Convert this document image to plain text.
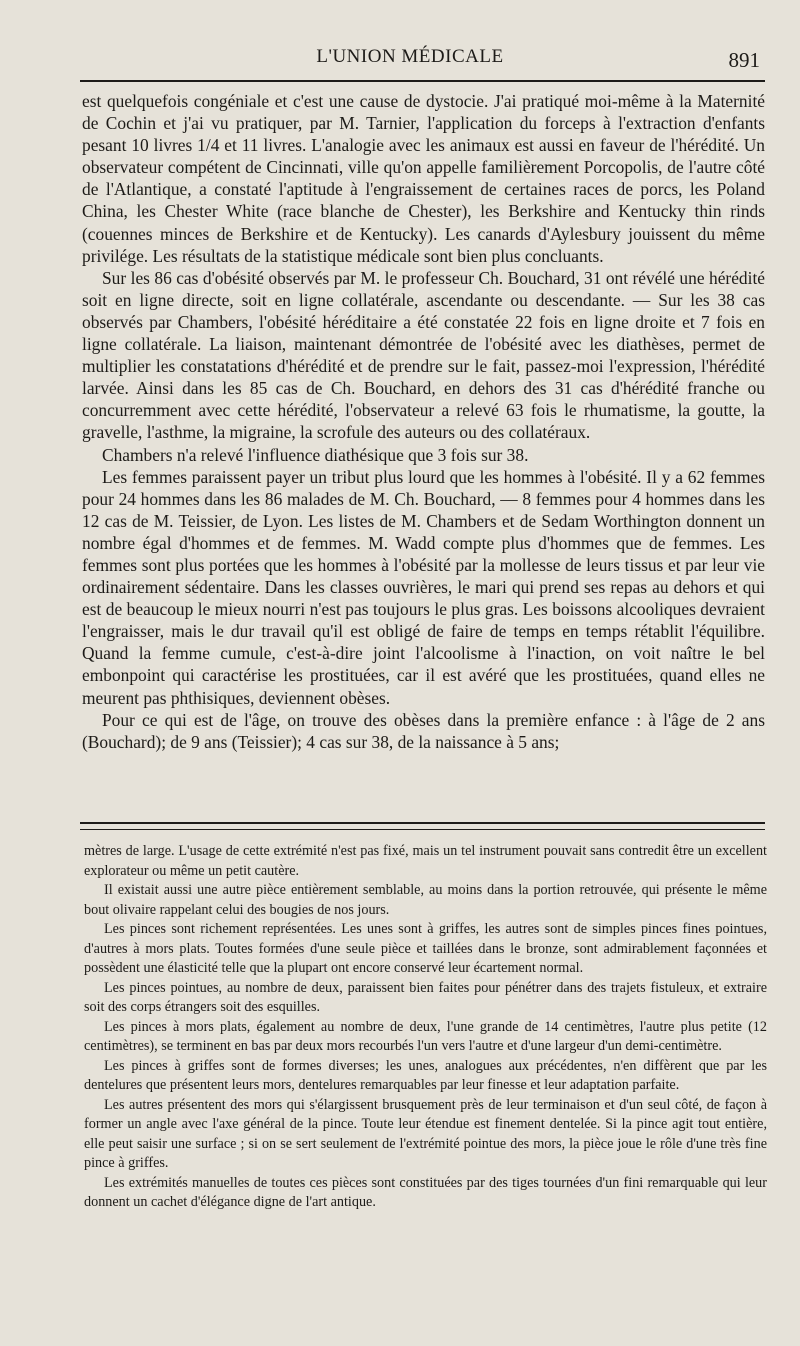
L'UNION MÉDICALE	891

est quelquefois congéniale et c'est une cause de dystocie. J'ai pratiqué moi-même à la Maternité de Cochin et j'ai vu pratiquer, par M. Tarnier, l'application du forceps à l'extraction d'enfants pesant 10 livres 1/4 et 11 livres. L'analogie avec les animaux est aussi en faveur de l'hérédité. Un observateur compétent de Cincinnati, ville qu'on appelle familièrement Porcopolis, de l'autre côté de l'Atlantique, a constaté l'aptitude à l'engraissement de certaines races de porcs, les Poland China, les Chester White (race blanche de Chester), les Berkshire and Kentucky thin rinds (couennes minces de Berkshire et de Kentucky). Les canards d'Aylesbury jouissent du même privilége. Les résultats de la statistique médicale sont bien plus concluants.

Sur les 86 cas d'obésité observés par M. le professeur Ch. Bouchard, 31 ont révélé une hérédité soit en ligne directe, soit en ligne collatérale, ascendante ou descendante. — Sur les 38 cas observés par Chambers, l'obésité héréditaire a été constatée 22 fois en ligne droite et 7 fois en ligne collatérale. La liaison, maintenant démontrée de l'obésité avec les diathèses, permet de multiplier les constatations d'hérédité et de prendre sur le fait, passez-moi l'expression, l'hérédité larvée. Ainsi dans les 85 cas de Ch. Bouchard, en dehors des 31 cas d'hérédité franche ou concurremment avec cette hérédité, l'observateur a relevé 63 fois le rhumatisme, la goutte, la gravelle, l'asthme, la migraine, la scrofule des auteurs ou des collatéraux.

Chambers n'a relevé l'influence diathésique que 3 fois sur 38.

Les femmes paraissent payer un tribut plus lourd que les hommes à l'obésité. Il y a 62 femmes pour 24 hommes dans les 86 malades de M. Ch. Bouchard, — 8 femmes pour 4 hommes dans les 12 cas de M. Teissier, de Lyon. Les listes de M. Chambers et de Sedam Worthington donnent un nombre égal d'hommes et de femmes. M. Wadd compte plus d'hommes que de femmes. Les femmes sont plus portées que les hommes à l'obésité par la mollesse de leurs tissus et par leur vie ordinairement sédentaire. Dans les classes ouvrières, le mari qui prend ses repas au dehors et qui est de beaucoup le mieux nourri n'est pas toujours le plus gras. Les boissons alcooliques devraient l'engraisser, mais le dur travail qu'il est obligé de faire de temps en temps rétablit l'équilibre. Quand la femme cumule, c'est-à-dire joint l'alcoolisme à l'inaction, on voit naître le bel embonpoint qui caractérise les prostituées, car il est avéré que les prostituées, quand elles ne meurent pas phthisiques, deviennent obèses.

Pour ce qui est de l'âge, on trouve des obèses dans la première enfance : à l'âge de 2 ans (Bouchard); de 9 ans (Teissier); 4 cas sur 38, de la naissance à 5 ans;

mètres de large. L'usage de cette extrémité n'est pas fixé, mais un tel instrument pouvait sans contredit être un excellent explorateur ou même un petit cautère.

Il existait aussi une autre pièce entièrement semblable, au moins dans la portion retrouvée, qui présente le même bout olivaire rappelant celui des bougies de nos jours.

Les pinces sont richement représentées. Les unes sont à griffes, les autres sont de simples pinces fines pointues, d'autres à mors plats. Toutes formées d'une seule pièce et taillées dans le bronze, sont admirablement façonnées et possèdent une élasticité telle que la plupart ont encore conservé leur écartement normal.

Les pinces pointues, au nombre de deux, paraissent bien faites pour pénétrer dans des trajets fistuleux, et extraire soit des corps étrangers soit des esquilles.

Les pinces à mors plats, également au nombre de deux, l'une grande de 14 centimètres, l'autre plus petite (12 centimètres), se terminent en bas par deux mors recourbés l'un vers l'autre et d'une largeur d'un demi-centimètre.

Les pinces à griffes sont de formes diverses; les unes, analogues aux précédentes, n'en diffèrent que par les dentelures que présentent leurs mors, dentelures remarquables par leur finesse et leur adaptation parfaite.

Les autres présentent des mors qui s'élargissent brusquement près de leur terminaison et d'un seul côté, de façon à former un angle avec l'axe général de la pince. Toute leur étendue est finement dentelée. Si la pince agit tout entière, elle peut saisir une surface ; si on se sert seulement de l'extrémité pointue des mors, la pièce joue le rôle d'une très fine pince à griffes.

Les extrémités manuelles de toutes ces pièces sont constituées par des tiges tournées d'un fini remarquable qui leur donnent un cachet d'élégance digne de l'art antique.
